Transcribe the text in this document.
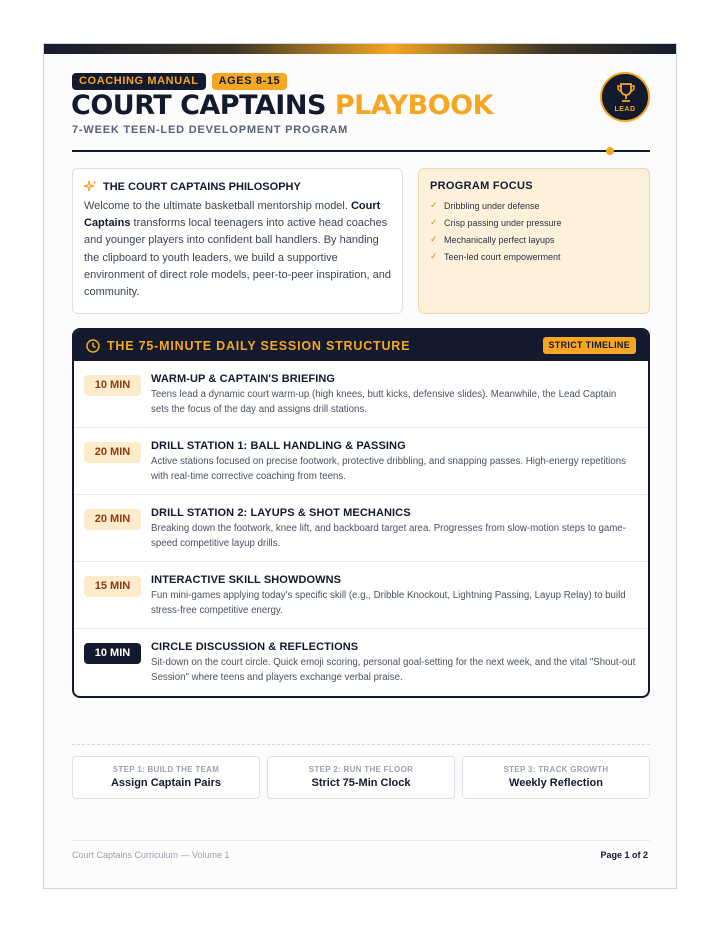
COACHING MANUAL	AGES 8-15
COURT CAPTAINS PLAYBOOK
7-WEEK TEEN-LED DEVELOPMENT PROGRAM
LEAD
THE COURT CAPTAINS PHILOSOPHY

Welcome to the ultimate basketball mentorship model. Court Captains transforms local teenagers into active head coaches and younger players into confident ball handlers. By handing the clipboard to youth leaders, we build a supportive environment of direct role models, peer-to-peer inspiration, and community.

PROGRAM FOCUS
✓ Dribbling under defense
✓ Crisp passing under pressure
✓ Mechanically perfect layups
✓ Teen-led court empowerment
THE 75-MINUTE DAILY SESSION STRUCTURE	STRICT TIMELINE
10 MIN	WARM-UP & CAPTAIN'S BRIEFING
Teens lead a dynamic court warm-up (high knees, butt kicks, defensive slides). Meanwhile, the Lead Captain sets the focus of the day and assigns drill stations.
20 MIN	DRILL STATION 1: BALL HANDLING & PASSING
Active stations focused on precise footwork, protective dribbling, and snapping passes. High-energy repetitions with real-time corrective coaching from teens.
20 MIN	DRILL STATION 2: LAYUPS & SHOT MECHANICS
Breaking down the footwork, knee lift, and backboard target area. Progresses from slow-motion steps to game-speed competitive layup drills.
15 MIN	INTERACTIVE SKILL SHOWDOWNS
Fun mini-games applying today's specific skill (e.g., Dribble Knockout, Lightning Passing, Layup Relay) to build stress-free competitive energy.
10 MIN	CIRCLE DISCUSSION & REFLECTIONS
Sit-down on the court circle. Quick emoji scoring, personal goal-setting for the next week, and the vital "Shout-out Session" where teens and players exchange verbal praise.
STEP 1: BUILD THE TEAM
Assign Captain Pairs
STEP 2: RUN THE FLOOR
Strict 75-Min Clock
STEP 3: TRACK GROWTH
Weekly Reflection
Court Captains Curriculum — Volume 1	Page 1 of 2
